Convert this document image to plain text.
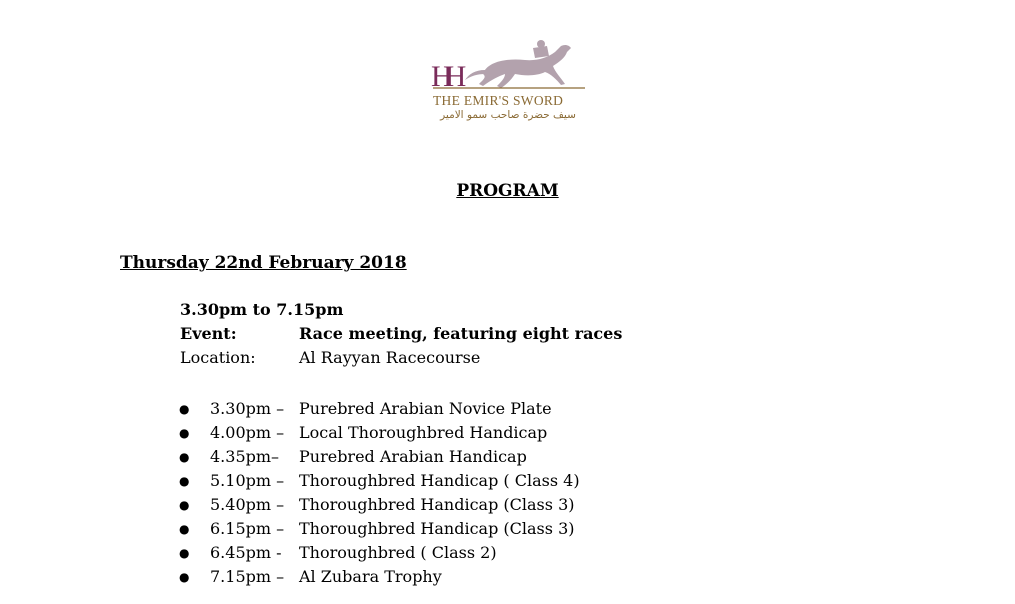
HH
THE EMIR'S SWORD
سيف حضرة صاحب سمو الامير
PROGRAM
Thursday 22nd February 2018
3.30pm to 7.15pm
Event:	Race meeting, featuring eight races
Location:	Al Rayyan Racecourse
● 3.30pm – Purebred Arabian Novice Plate
● 4.00pm – Local Thoroughbred Handicap
● 4.35pm– Purebred Arabian Handicap
● 5.10pm – Thoroughbred Handicap ( Class 4)
● 5.40pm – Thoroughbred Handicap (Class 3)
● 6.15pm – Thoroughbred Handicap (Class 3)
● 6.45pm - Thoroughbred ( Class 2)
● 7.15pm – Al Zubara Trophy
